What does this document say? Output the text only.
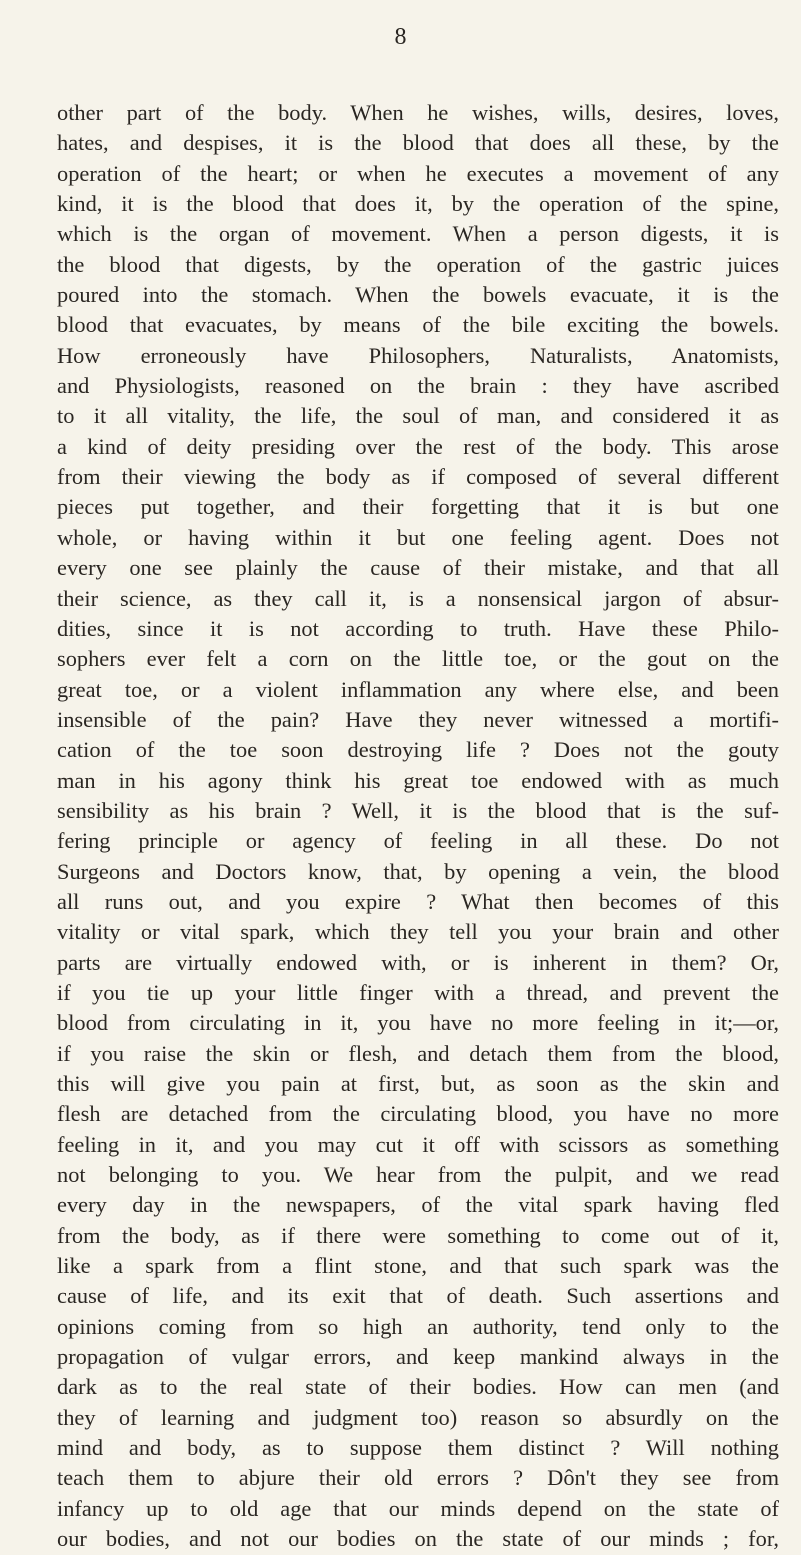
8
other part of the body. When he wishes, wills, desires, loves,
hates, and despises, it is the blood that does all these, by the
operation of the heart; or when he executes a movement of any
kind, it is the blood that does it, by the operation of the spine,
which is the organ of movement. When a person digests, it is
the blood that digests, by the operation of the gastric juices
poured into the stomach. When the bowels evacuate, it is the
blood that evacuates, by means of the bile exciting the bowels.
How erroneously have Philosophers, Naturalists, Anatomists,
and Physiologists, reasoned on the brain : they have ascribed
to it all vitality, the life, the soul of man, and considered it as
a kind of deity presiding over the rest of the body. This arose
from their viewing the body as if composed of several different
pieces put together, and their forgetting that it is but one
whole, or having within it but one feeling agent. Does not
every one see plainly the cause of their mistake, and that all
their science, as they call it, is a nonsensical jargon of absur-
dities, since it is not according to truth. Have these Philo-
sophers ever felt a corn on the little toe, or the gout on the
great toe, or a violent inflammation any where else, and been
insensible of the pain? Have they never witnessed a mortifi-
cation of the toe soon destroying life ? Does not the gouty
man in his agony think his great toe endowed with as much
sensibility as his brain ? Well, it is the blood that is the suf-
fering principle or agency of feeling in all these. Do not
Surgeons and Doctors know, that, by opening a vein, the blood
all runs out, and you expire ? What then becomes of this
vitality or vital spark, which they tell you your brain and other
parts are virtually endowed with, or is inherent in them? Or,
if you tie up your little finger with a thread, and prevent the
blood from circulating in it, you have no more feeling in it;—or,
if you raise the skin or flesh, and detach them from the blood,
this will give you pain at first, but, as soon as the skin and
flesh are detached from the circulating blood, you have no more
feeling in it, and you may cut it off with scissors as something
not belonging to you. We hear from the pulpit, and we read
every day in the newspapers, of the vital spark having fled
from the body, as if there were something to come out of it,
like a spark from a flint stone, and that such spark was the
cause of life, and its exit that of death. Such assertions and
opinions coming from so high an authority, tend only to the
propagation of vulgar errors, and keep mankind always in the
dark as to the real state of their bodies. How can men (and
they of learning and judgment too) reason so absurdly on the
mind and body, as to suppose them distinct ? Will nothing
teach them to abjure their old errors ? Dôn't they see from
infancy up to old age that our minds depend on the state of
our bodies, and not our bodies on the state of our minds ; for,
